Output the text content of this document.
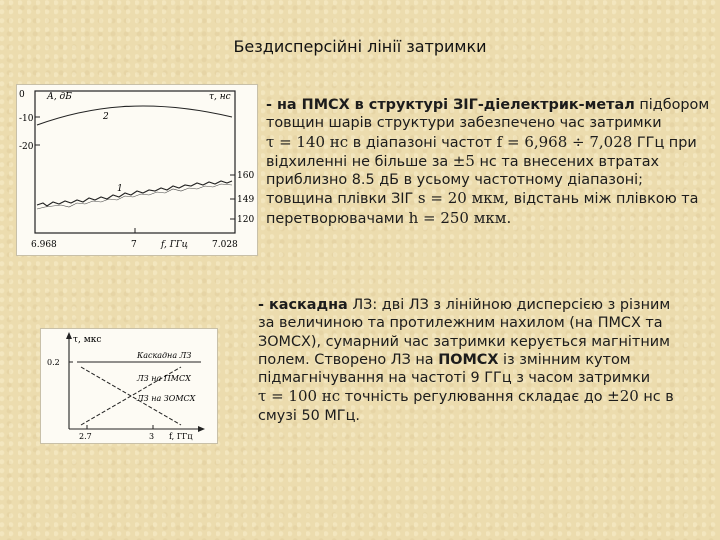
Бездисперсійні лінії затримки
0
-10
-20
А, дБ	τ, нс
160
149
120
2
1
6.968	7	7.028
f, ГГц
τ, мкс
0.2
Каскадна ЛЗ
ЛЗ на ПМСХ
ЛЗ на ЗОМСХ
2.7	3 f, ГГц
- на ПМСХ в структурі ЗІГ-діелектрик-метал підбором
товщин шарів структури забезпечено час затримки
τ = 140 нс в діапазоні частот f = 6,968 ÷ 7,028 ГГц при
відхиленні не більше за ±5 нс та внесених втратах
приблизно 8.5 дБ в усьому частотному діапазоні;
товщина плівки ЗІГ s = 20 мкм, відстань між плівкою та
перетворювачами h = 250 мкм.
- каскадна ЛЗ: дві ЛЗ з лінійною дисперсією з різним
за величиною та протилежним нахилом (на ПМСХ та
ЗОМСХ), сумарний час затримки керується магнітним
полем. Створено ЛЗ на ПОМСХ із змінним кутом
підмагнічування на частоті 9 ГГц з часом затримки
τ = 100 нс точність регулювання складає до ±20 нс в
смузі 50 МГц.
